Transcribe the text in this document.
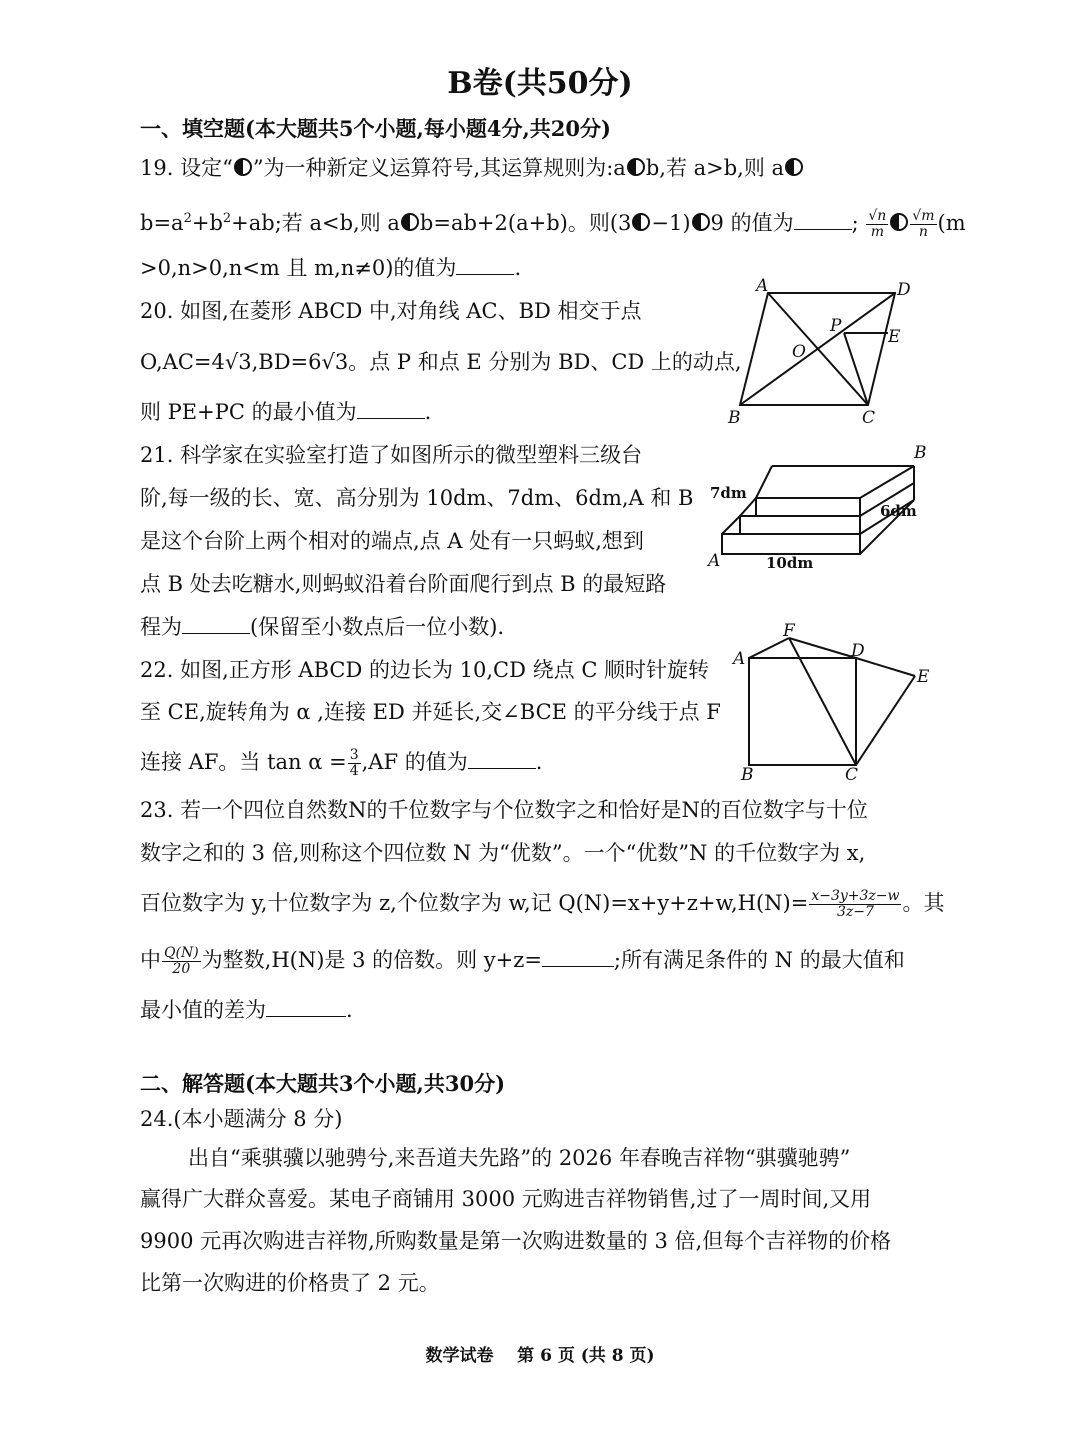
B卷(共50分)
一、填空题(本大题共5个小题,每小题4分,共20分)
19. 设定“ ”为一种新定义运算符号,其运算规则为:a b,若 a>b,则 a
$b=a^2+b^2+ab$;若 a<b,则 a b=ab+2(a+b)。则(3 −1) 9 的值为	; $\frac{√n}{m} \frac{√m}{n} (m$
>0,n>0,n<m 且 m,n≠0)的值为	.
20. 如图,在菱形 ABCD 中,对角线 AC、BD 相交于点
O,AC=4√3,BD=6√3。点 P 和点 E 分别为 BD、CD 上的动点,
则 PE+PC 的最小值为	.
A	D
P
E
O
B	C
21. 科学家在实验室打造了如图所示的微型塑料三级台
阶,每一级的长、宽、高分别为 10dm、7dm、6dm,A 和 B
是这个台阶上两个相对的端点,点 A 处有一只蚂蚁,想到
点 B 处去吃糖水,则蚂蚁沿着台阶面爬行到点 B 的最短路
程为	(保留至小数点后一位小数).
A
B
7dm
6dm
10dm
22. 如图,正方形 ABCD 的边长为 10,CD 绕点 C 顺时针旋转
至 CE,旋转角为 α ,连接 ED 并延长,交∠BCE 的平分线于点 F
连接 AF。当 $\tan \alpha = \frac{3}{4} ,AF$ 的值为	.
A
F
D
E
B	C
23. 若一个四位自然数N的千位数字与个位数字之和恰好是N的百位数字与十位
数字之和的 3 倍,则称这个四位数 N 为“优数”。一个“优数”N 的千位数字为 x,
百位数字为 y,十位数字为 z,个位数字为 w,记 $Q(N)=x+y+z+w,H(N)= \frac{x-3y+3z-w}{3z-7}$ 。其
中 $\frac{Q(N)}{20}$ 为整数,H(N)是 3 的倍数。则 y+z=	;所有满足条件的 N 的最大值和
最小值的差为	.
二、解答题(本大题共3个小题,共30分)
24.(本小题满分 8 分)
出自“乘骐骥以驰骋兮,来吾道夫先路”的 2026 年春晚吉祥物“骐骥驰骋”
赢得广大群众喜爱。某电子商铺用 3000 元购进吉祥物销售,过了一周时间,又用
9900 元再次购进吉祥物,所购数量是第一次购进数量的 3 倍,但每个吉祥物的价格
比第一次购进的价格贵了 2 元。
数学试卷    第 6 页 (共 8 页)
